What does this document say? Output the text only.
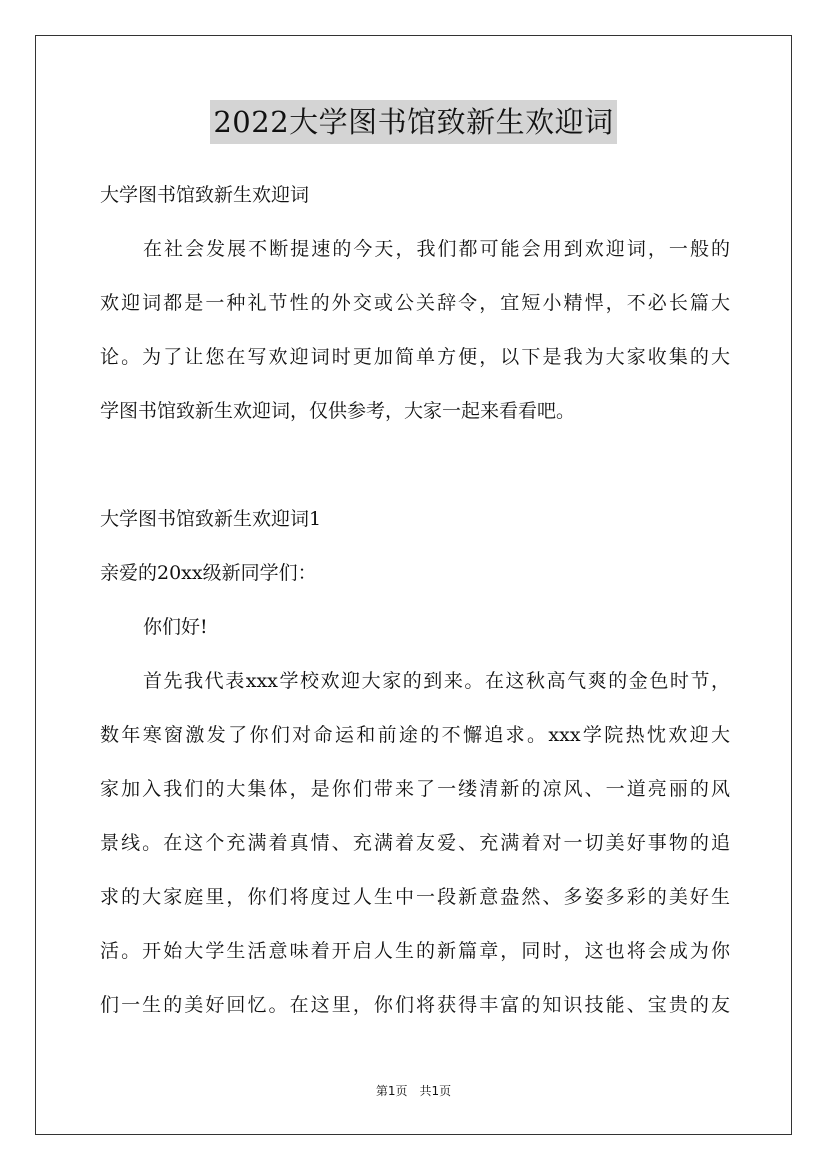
2022大学图书馆致新生欢迎词
大学图书馆致新生欢迎词
在社会发展不断提速的今天，我们都可能会用到欢迎词，一般的
欢迎词都是一种礼节性的外交或公关辞令，宜短小精悍，不必长篇大
论。为了让您在写欢迎词时更加简单方便，以下是我为大家收集的大
学图书馆致新生欢迎词，仅供参考，大家一起来看看吧。
大学图书馆致新生欢迎词1
亲爱的20xx级新同学们：
你们好!
首先我代表xxx学校欢迎大家的到来。在这秋高气爽的金色时节，
数年寒窗激发了你们对命运和前途的不懈追求。xxx学院热忱欢迎大
家加入我们的大集体，是你们带来了一缕清新的凉风、一道亮丽的风
景线。在这个充满着真情、充满着友爱、充满着对一切美好事物的追
求的大家庭里，你们将度过人生中一段新意盎然、多姿多彩的美好生
活。开始大学生活意味着开启人生的新篇章，同时，这也将会成为你
们一生的美好回忆。在这里，你们将获得丰富的知识技能、宝贵的友
第1页　共1页
